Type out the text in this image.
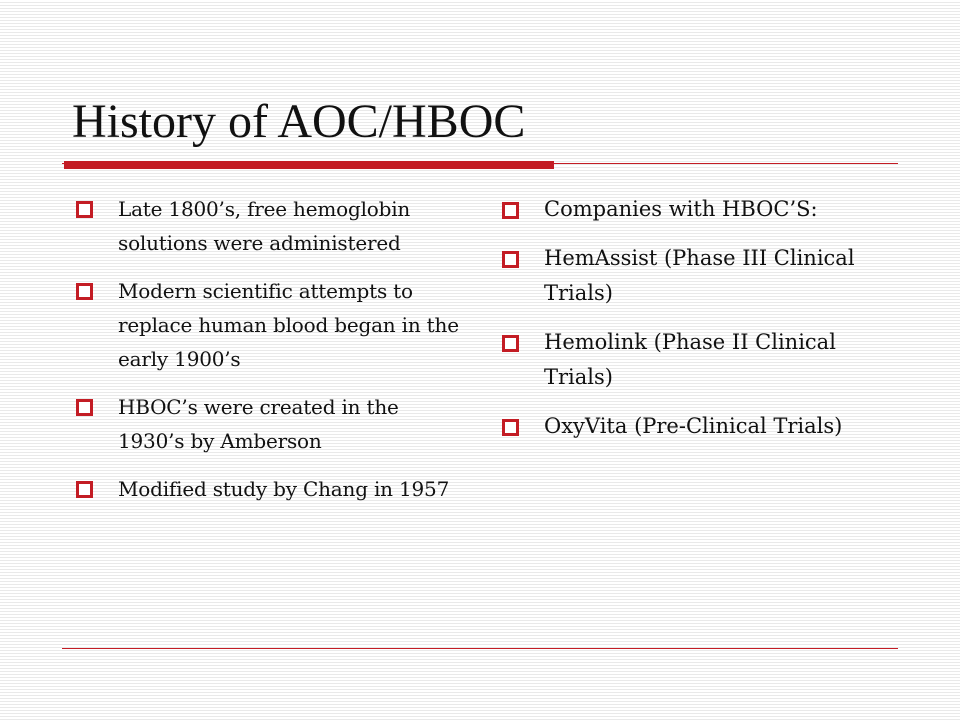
History of AOC/HBOC
Late 1800’s, free hemoglobin solutions were administered
Modern scientific attempts to replace human blood began in the early 1900’s
HBOC’s were created in the 1930’s by Amberson
Modified study by Chang in 1957
Companies with HBOC’S:
HemAssist (Phase III Clinical Trials)
Hemolink (Phase II Clinical Trials)
OxyVita (Pre-Clinical Trials)
